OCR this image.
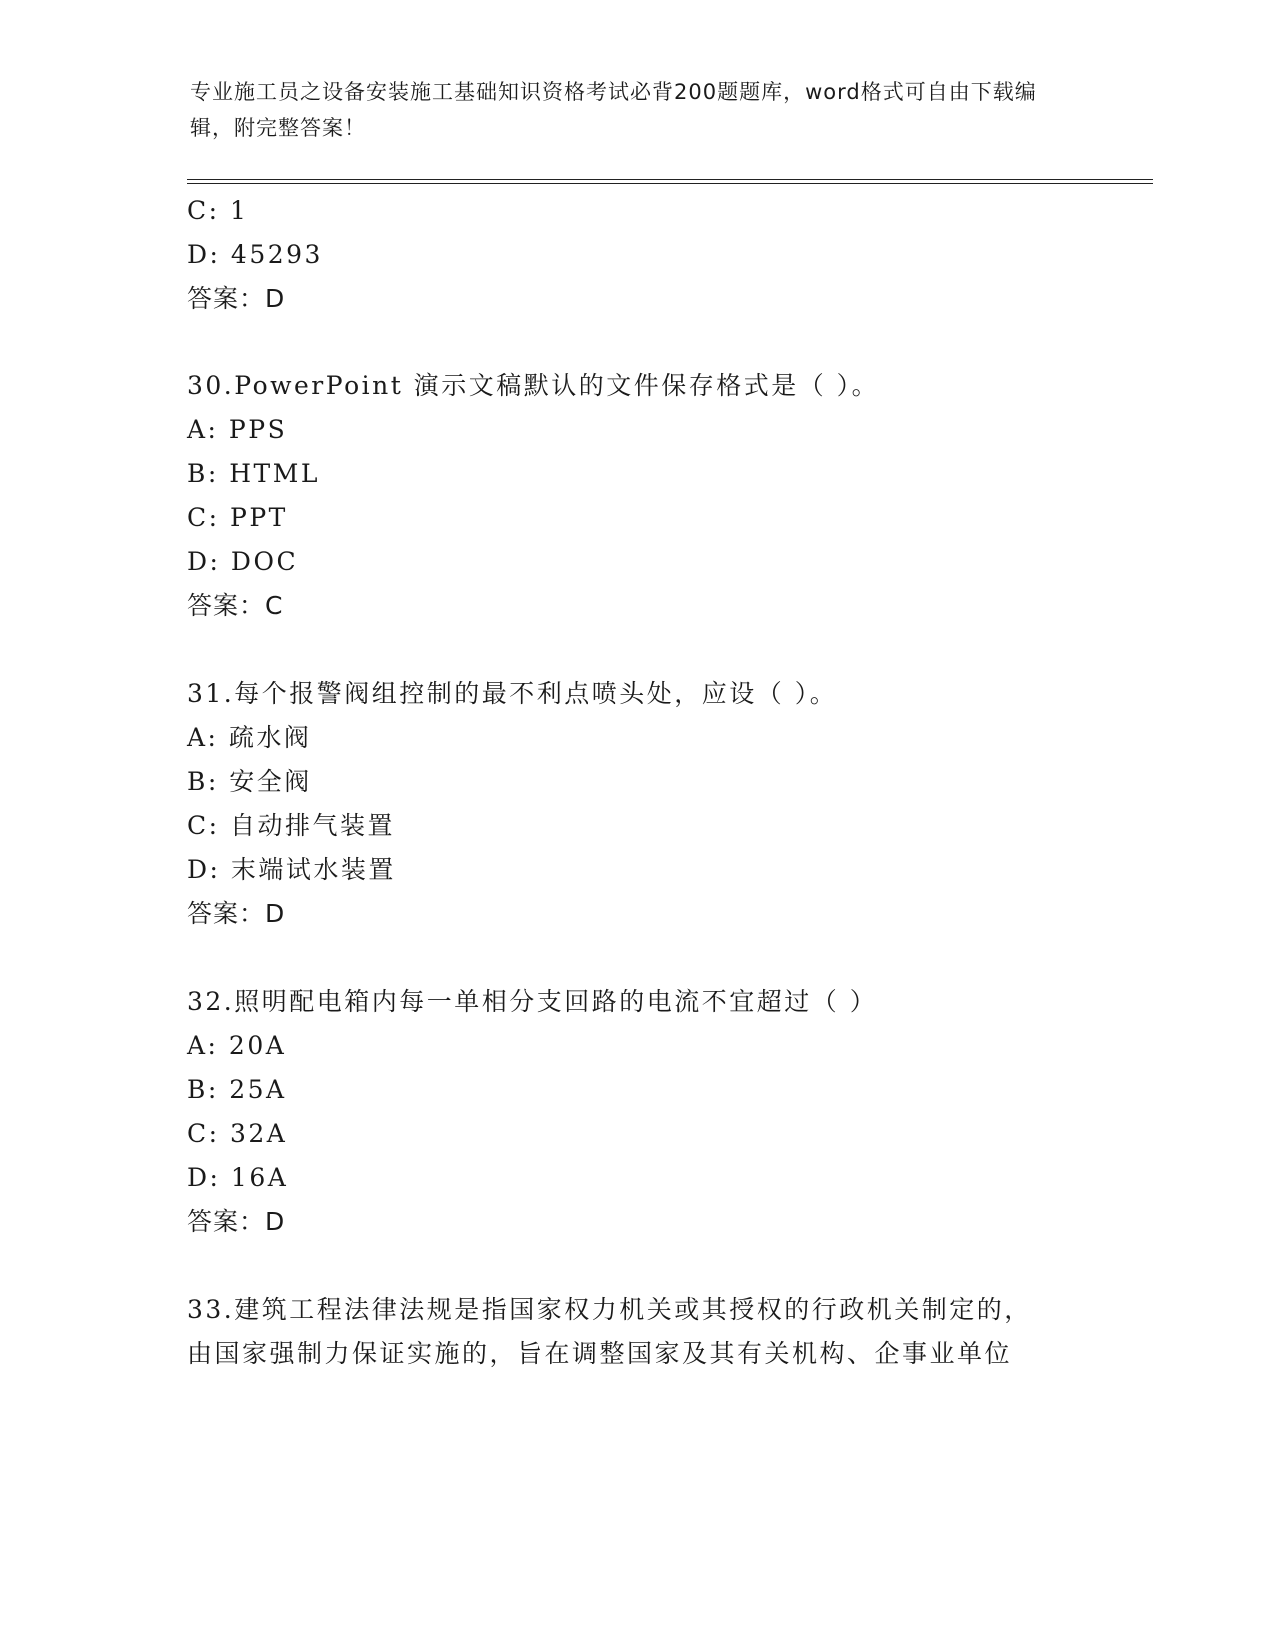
专业施工员之设备安装施工基础知识资格考试必背200题题库，word格式可自由下载编辑，附完整答案！
C: 1
D: 45293
答案：D
30.PowerPoint 演示文稿默认的文件保存格式是（ ）。
A: PPS
B: HTML
C: PPT
D: DOC
答案：C
31.每个报警阀组控制的最不利点喷头处，应设（ ）。
A: 疏水阀
B: 安全阀
C: 自动排气装置
D: 末端试水装置
答案：D
32.照明配电箱内每一单相分支回路的电流不宜超过（ ）
A: 20A
B: 25A
C: 32A
D: 16A
答案：D
33.建筑工程法律法规是指国家权力机关或其授权的行政机关制定的，
由国家强制力保证实施的，旨在调整国家及其有关机构、企事业单位
